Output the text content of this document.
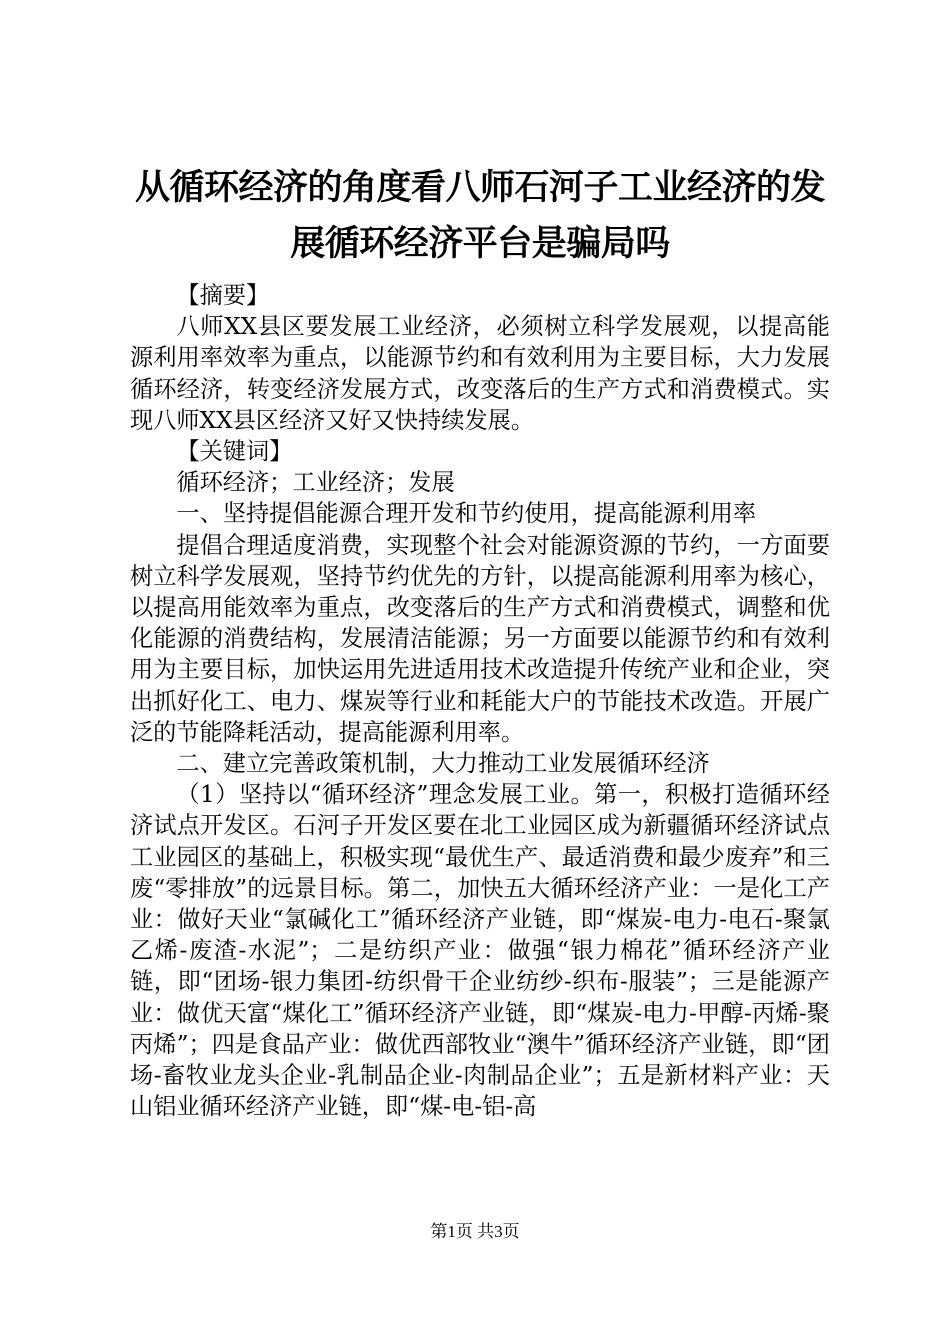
从循环经济的角度看八师石河子工业经济的发展循环经济平台是骗局吗

【摘要】

八师XX县区要发展工业经济，必须树立科学发展观，以提高能源利用率效率为重点，以能源节约和有效利用为主要目标，大力发展循环经济，转变经济发展方式，改变落后的生产方式和消费模式。实现八师XX县区经济又好又快持续发展。

【关键词】

循环经济；工业经济；发展

一、坚持提倡能源合理开发和节约使用，提高能源利用率

提倡合理适度消费，实现整个社会对能源资源的节约，一方面要树立科学发展观，坚持节约优先的方针，以提高能源利用率为核心，以提高用能效率为重点，改变落后的生产方式和消费模式，调整和优化能源的消费结构，发展清洁能源；另一方面要以能源节约和有效利用为主要目标，加快运用先进适用技术改造提升传统产业和企业，突出抓好化工、电力、煤炭等行业和耗能大户的节能技术改造。开展广泛的节能降耗活动，提高能源利用率。

二、建立完善政策机制，大力推动工业发展循环经济

（1）坚持以“循环经济”理念发展工业。第一，积极打造循环经济试点开发区。石河子开发区要在北工业园区成为新疆循环经济试点工业园区的基础上，积极实现“最优生产、最适消费和最少废弃”和三废“零排放”的远景目标。第二，加快五大循环经济产业：一是化工产业：做好天业“氯碱化工”循环经济产业链，即“煤炭-电力-电石-聚氯乙烯-废渣-水泥”；二是纺织产业：做强“银力棉花”循环经济产业链，即“团场-银力集团-纺织骨干企业纺纱-织布-服装”；三是能源产业：做优天富“煤化工”循环经济产业链，即“煤炭-电力-甲醇-丙烯-聚丙烯”；四是食品产业：做优西部牧业“澳牛”循环经济产业链，即“团场-畜牧业龙头企业-乳制品企业-肉制品企业”；五是新材料产业：天山铝业循环经济产业链，即“煤-电-铝-高

第1页 共3页
